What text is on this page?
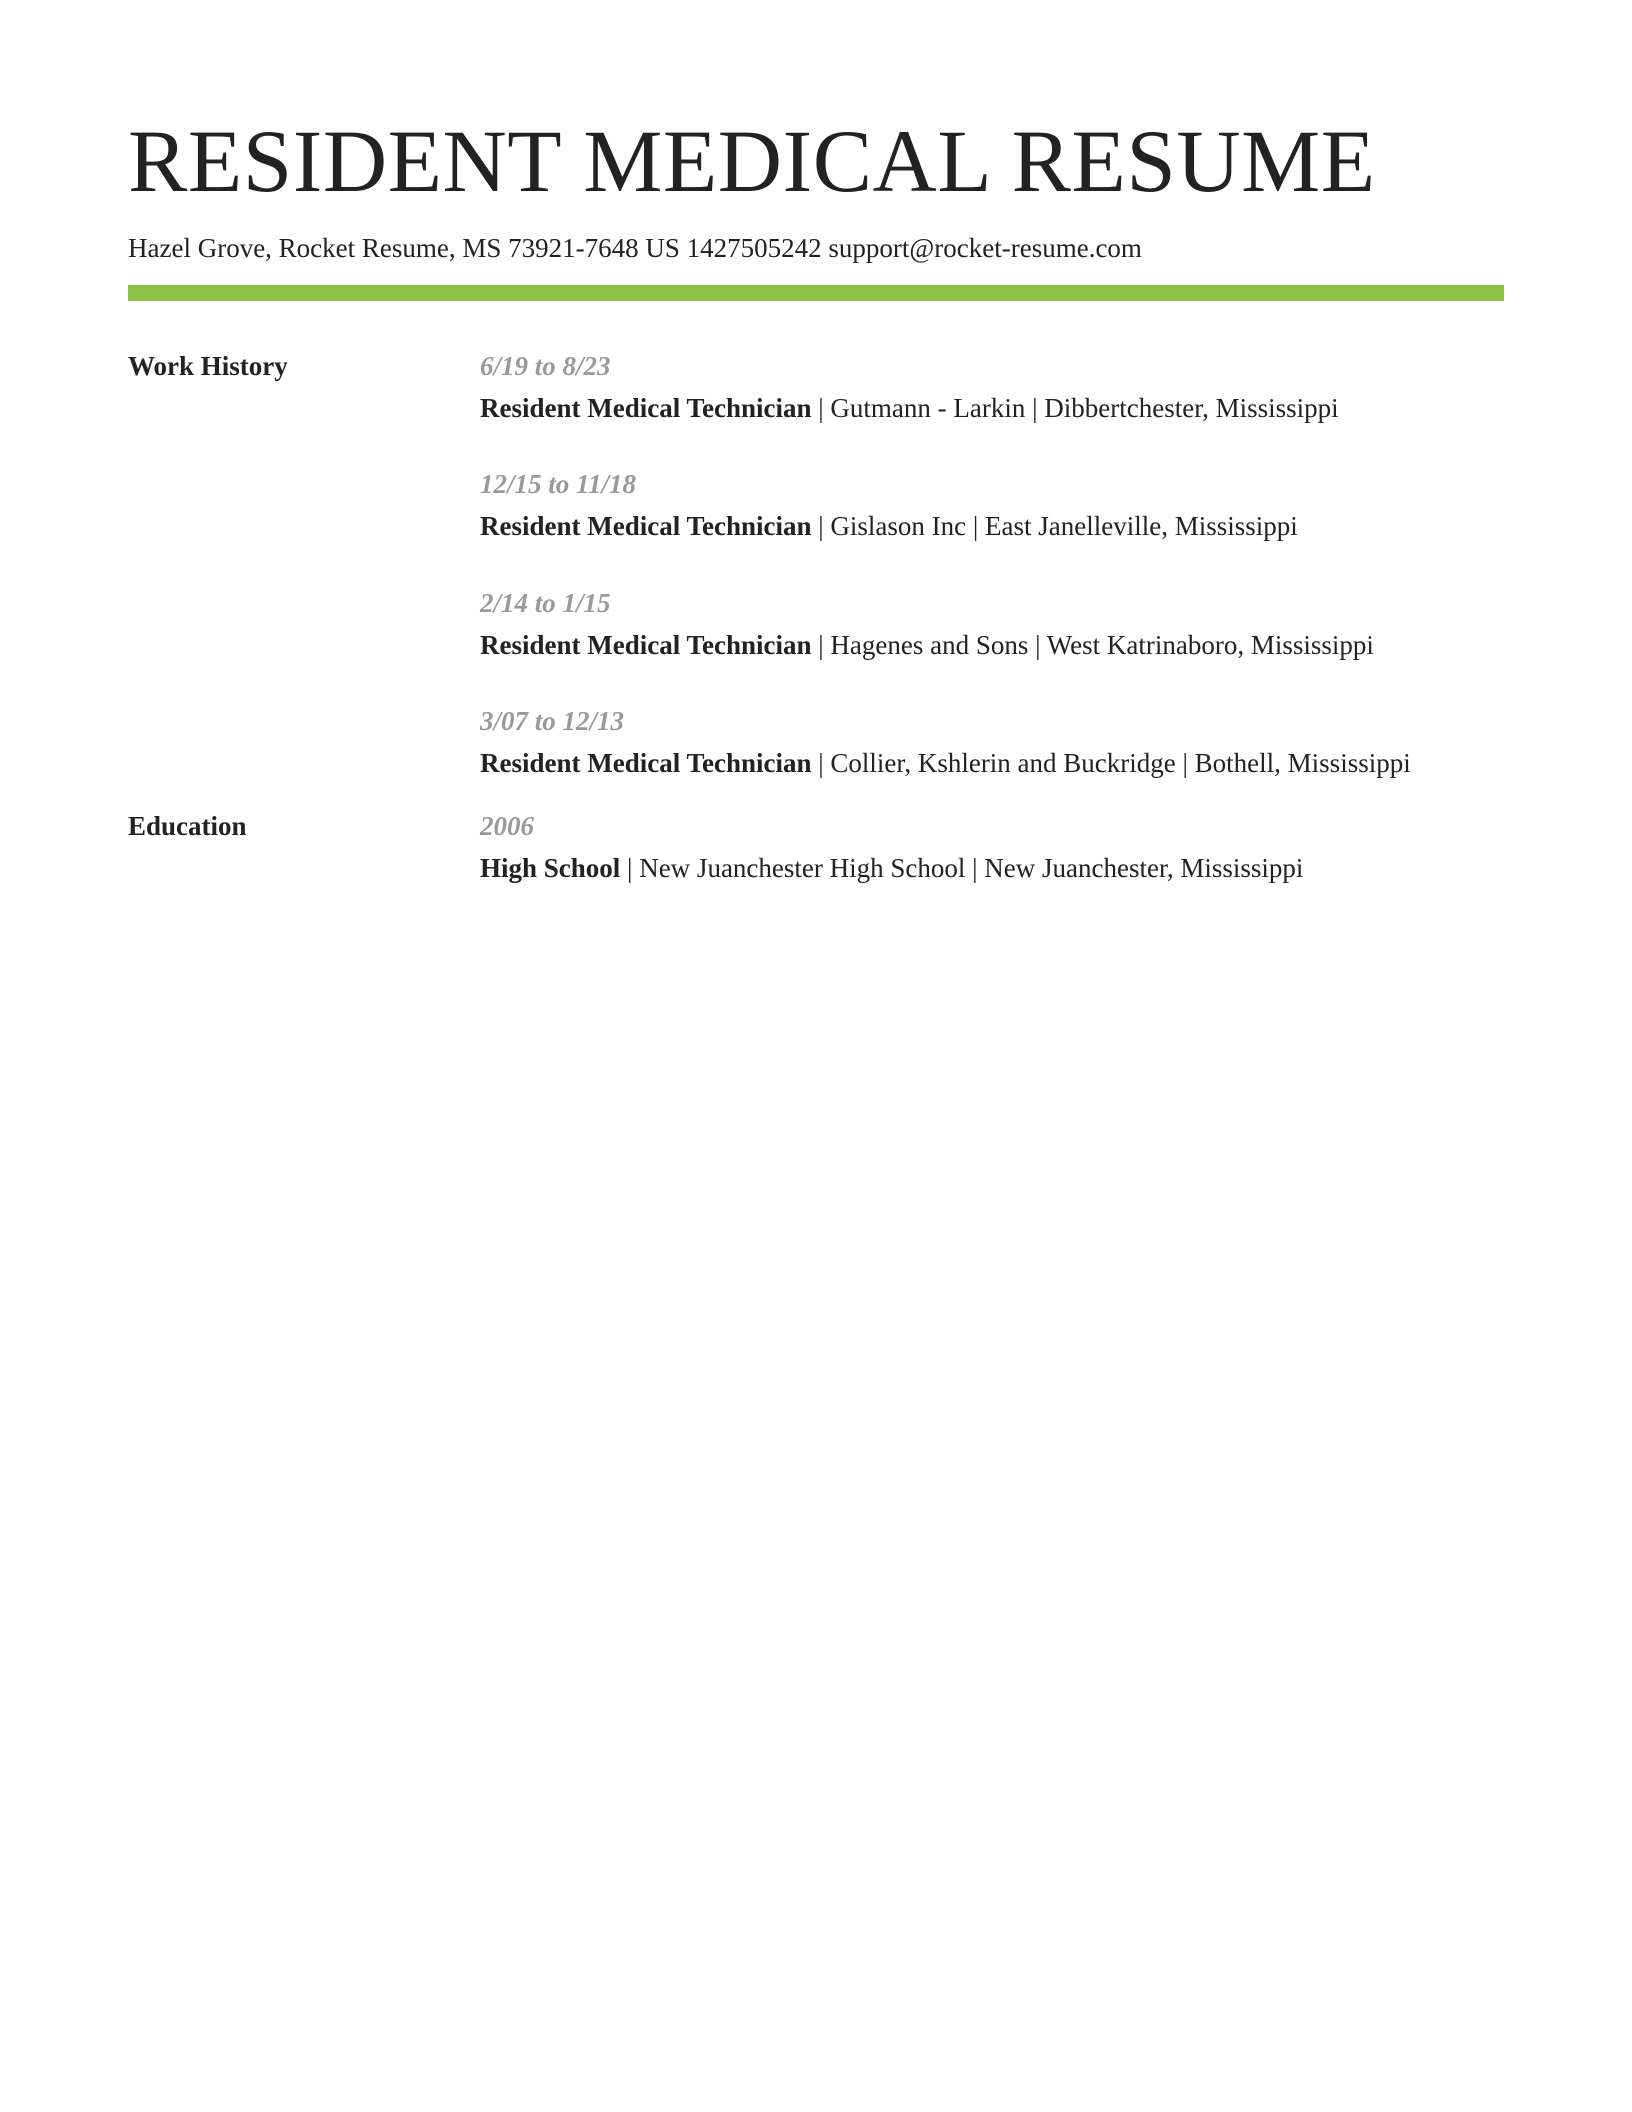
RESIDENT MEDICAL RESUME
Hazel Grove, Rocket Resume, MS 73921-7648 US 1427505242 support@rocket-resume.com
Work History	6/19 to 8/23
Resident Medical Technician | Gutmann - Larkin | Dibbertchester, Mississippi
12/15 to 11/18
Resident Medical Technician | Gislason Inc | East Janelleville, Mississippi
2/14 to 1/15
Resident Medical Technician | Hagenes and Sons | West Katrinaboro, Mississippi
3/07 to 12/13
Resident Medical Technician | Collier, Kshlerin and Buckridge | Bothell, Mississippi
Education	2006
High School | New Juanchester High School | New Juanchester, Mississippi
